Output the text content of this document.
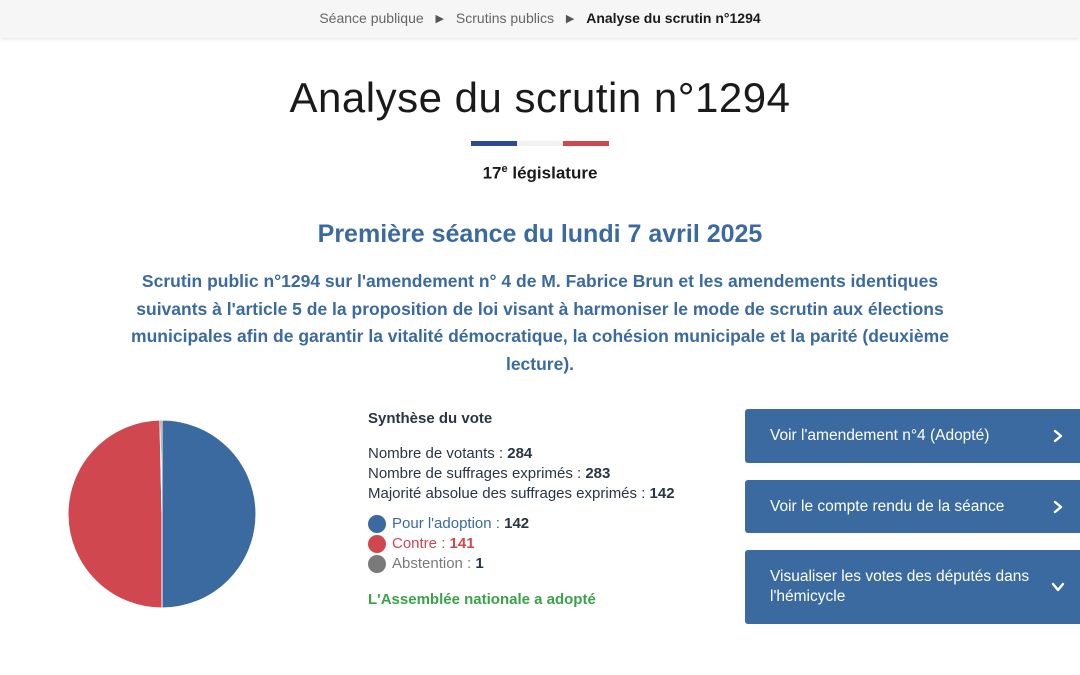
Séance publique ▶ Scrutins publics ▶ Analyse du scrutin n°1294
Analyse du scrutin n°1294
17e législature
Première séance du lundi 7 avril 2025
Scrutin public n°1294 sur l'amendement n° 4 de M. Fabrice Brun et les amendements identiques suivants à l'article 5 de la proposition de loi visant à harmoniser le mode de scrutin aux élections municipales afin de garantir la vitalité démocratique, la cohésion municipale et la parité (deuxième lecture).
Synthèse du vote
Nombre de votants : 284
Nombre de suffrages exprimés : 283
Majorité absolue des suffrages exprimés : 142
Pour l'adoption :
142
Contre :
141
Abstention :
1
L'Assemblée nationale a adopté
Voir l'amendement n°4 (Adopté)
Voir le compte rendu de la séance
Visualiser les votes des députés dans l'hémicycle
